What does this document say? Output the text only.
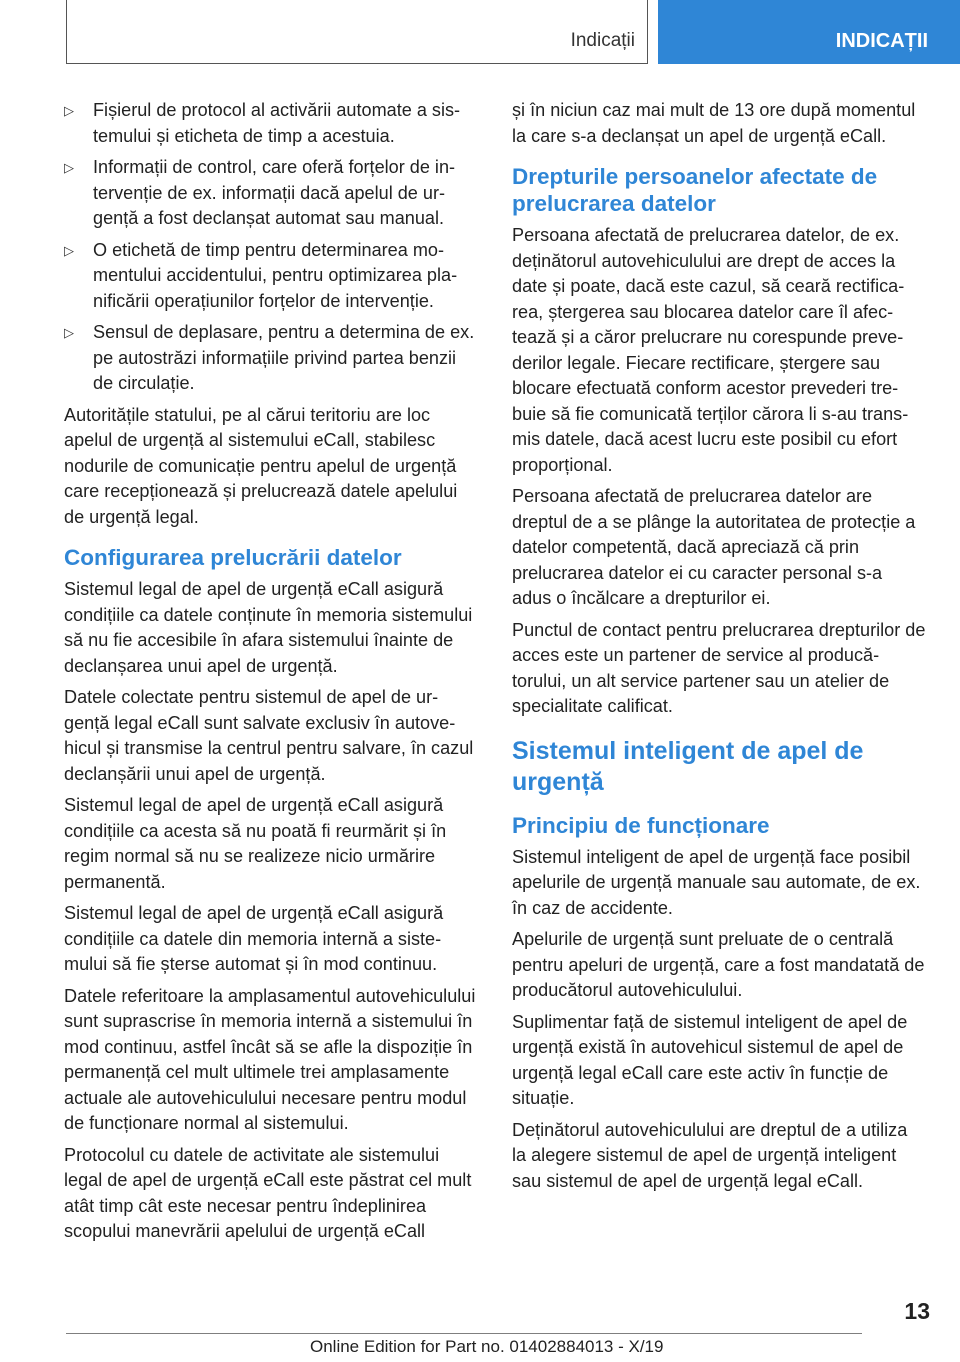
Indicații	INDICAȚII
▷ Fișierul de protocol al activării automate a sistemului și eticheta de timp a acestuia.
▷ Informații de control, care oferă forțelor de intervenție de ex. informații dacă apelul de urgență a fost declanșat automat sau manual.
▷ O etichetă de timp pentru determinarea momentului accidentului, pentru optimizarea planificării operațiunilor forțelor de intervenție.
▷ Sensul de deplasare, pentru a determina de ex. pe autostrăzi informațiile privind partea benzii de circulație.

Autoritățile statului, pe al cărui teritoriu are loc apelul de urgență al sistemului eCall, stabilesc nodurile de comunicație pentru apelul de urgență care recepționează și prelucrează datele apelului de urgență legal.

Configurarea prelucrării datelor

Sistemul legal de apel de urgență eCall asigură condițiile ca datele conținute în memoria sistemului să nu fie accesibile în afara sistemului înainte de declanșarea unui apel de urgență.

Datele colectate pentru sistemul de apel de urgență legal eCall sunt salvate exclusiv în autovehicul și transmise la centrul pentru salvare, în cazul declanșării unui apel de urgență.

Sistemul legal de apel de urgență eCall asigură condițiile ca acesta să nu poată fi reurmărit și în regim normal să nu se realizeze nicio urmărire permanentă.

Sistemul legal de apel de urgență eCall asigură condițiile ca datele din memoria internă a sistemului să fie șterse automat și în mod continuu.

Datele referitoare la amplasamentul autovehiculului sunt suprascrise în memoria internă a sistemului în mod continuu, astfel încât să se afle la dispoziție în permanență cel mult ultimele trei amplasamente actuale ale autovehiculului necesare pentru modul de funcționare normal al sistemului.

Protocolul cu datele de activitate ale sistemului legal de apel de urgență eCall este păstrat cel mult atât timp cât este necesar pentru îndeplinirea scopului manevrării apelului de urgență eCall

și în niciun caz mai mult de 13 ore după momentul la care s-a declanșat un apel de urgență eCall.

Drepturile persoanelor afectate de prelucrarea datelor

Persoana afectată de prelucrarea datelor, de ex. deținătorul autovehiculului are drept de acces la date și poate, dacă este cazul, să ceară rectificarea, ștergerea sau blocarea datelor care îl afectează și a căror prelucrare nu corespunde prevederilor legale. Fiecare rectificare, ștergere sau blocare efectuată conform acestor prevederi trebuie să fie comunicată terților cărora li s-au transmis datele, dacă acest lucru este posibil cu efort proporțional.

Persoana afectată de prelucrarea datelor are dreptul de a se plânge la autoritatea de protecție a datelor competentă, dacă apreciază că prin prelucrarea datelor ei cu caracter personal s-a adus o încălcare a drepturilor ei.

Punctul de contact pentru prelucrarea drepturilor de acces este un partener de service al producătorului, un alt service partener sau un atelier de specialitate calificat.

Sistemul inteligent de apel de urgență
Principiu de funcționare

Sistemul inteligent de apel de urgență face posibil apelurile de urgență manuale sau automate, de ex. în caz de accidente.

Apelurile de urgență sunt preluate de o centrală pentru apeluri de urgență, care a fost mandatată de producătorul autovehiculului.

Suplimentar față de sistemul inteligent de apel de urgență există în autovehicul sistemul de apel de urgență legal eCall care este activ în funcție de situație.

Deținătorul autovehiculului are dreptul de a utiliza la alegere sistemul de apel de urgență inteligent sau sistemul de apel de urgență legal eCall.

13
Online Edition for Part no. 01402884013 - X/19
